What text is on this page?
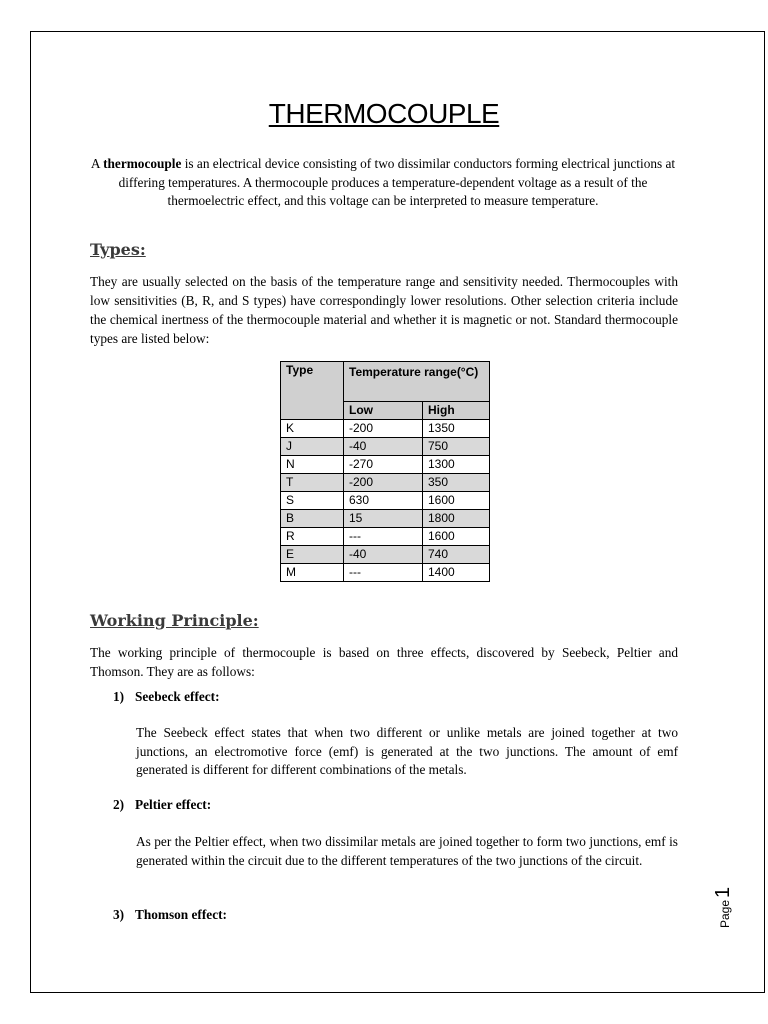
THERMOCOUPLE
A thermocouple is an electrical device consisting of two dissimilar conductors forming electrical junctions at differing temperatures. A thermocouple produces a temperature-dependent voltage as a result of the thermoelectric effect, and this voltage can be interpreted to measure temperature.
Types:
They are usually selected on the basis of the temperature range and sensitivity needed. Thermocouples with low sensitivities (B, R, and S types) have correspondingly lower resolutions. Other selection criteria include the chemical inertness of the thermocouple material and whether it is magnetic or not. Standard thermocouple types are listed below:
Type	Temperature range(°C)	
	Low	High
K	-200	1350
J	-40	750
N	-270	1300
T	-200	350
S	630	1600
B	15	1800
R	---	1600
E	-40	740
M	---	1400
Working Principle:
The working principle of thermocouple is based on three effects, discovered by Seebeck, Peltier and Thomson. They are as follows:
1) Seebeck effect:
The Seebeck effect states that when two different or unlike metals are joined together at two junctions, an electromotive force (emf) is generated at the two junctions. The amount of emf generated is different for different combinations of the metals.
2) Peltier effect:
As per the Peltier effect, when two dissimilar metals are joined together to form two junctions, emf is generated within the circuit due to the different temperatures of the two junctions of the circuit.
3) Thomson effect:	Page1
